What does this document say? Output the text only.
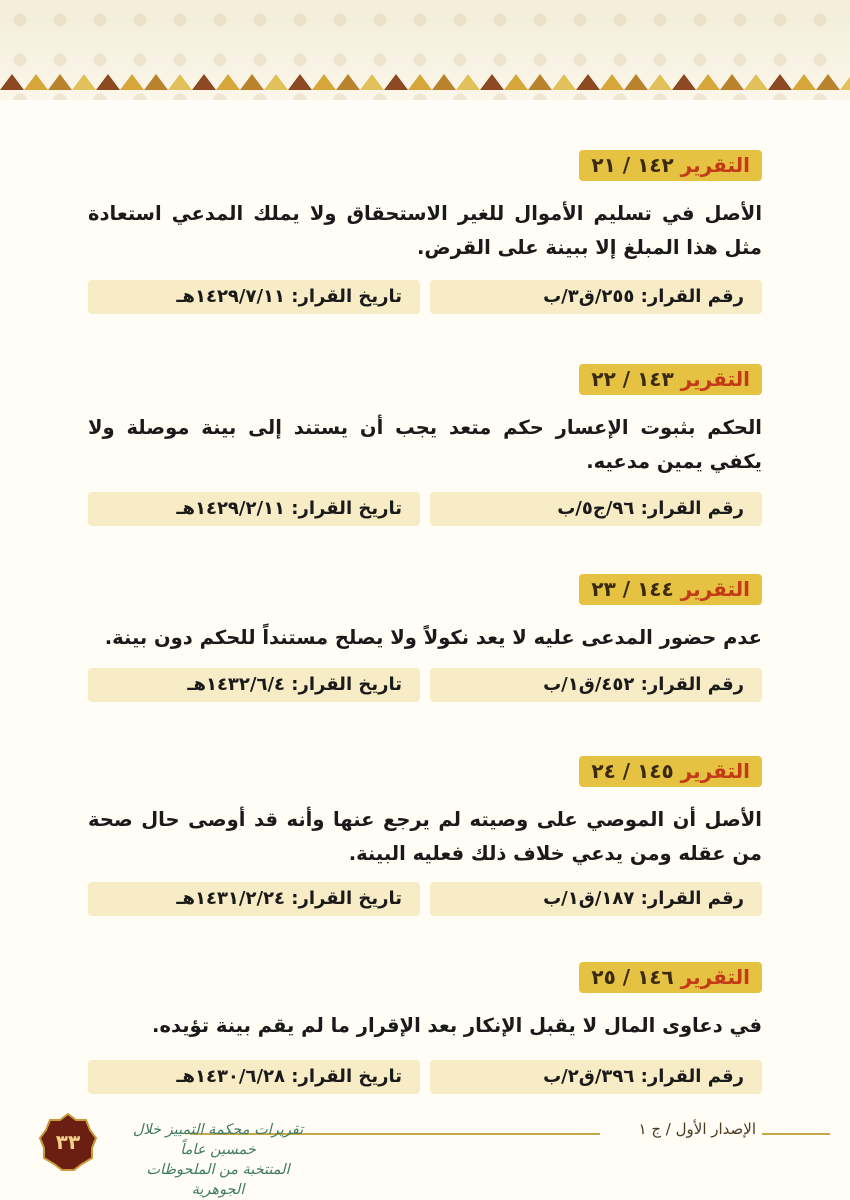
التقرير ١٤٢ / ٢١
الأصل في تسليم الأموال للغير الاستحقاق ولا يملك المدعي استعادة مثل هذا المبلغ إلا ببينة على القرض.
رقم القرار: ٢٥٥/ق٣/ب
تاريخ القرار: ١٤٢٩/٧/١١هـ
التقرير ١٤٣ / ٢٢
الحكم بثبوت الإعسار حكم متعد يجب أن يستند إلى بينة موصلة ولا يكفي يمين مدعيه.
رقم القرار: ٩٦/ج٥/ب
تاريخ القرار: ١٤٢٩/٢/١١هـ
التقرير ١٤٤ / ٢٣
عدم حضور المدعى عليه لا يعد نكولاً ولا يصلح مستنداً للحكم دون بينة.
رقم القرار: ٤٥٢/ق١/ب
تاريخ القرار: ١٤٣٢/٦/٤هـ
التقرير ١٤٥ / ٢٤
الأصل أن الموصي على وصيته لم يرجع عنها وأنه قد أوصى حال صحة من عقله ومن يدعي خلاف ذلك فعليه البينة.
رقم القرار: ١٨٧/ق١/ب
تاريخ القرار: ١٤٣١/٢/٢٤هـ
التقرير ١٤٦ / ٢٥
في دعاوى المال لا يقبل الإنكار بعد الإقرار ما لم يقم بينة تؤيده.
رقم القرار: ٣٩٦/ق٢/ب
تاريخ القرار: ١٤٣٠/٦/٢٨هـ
الإصدار الأول / ج ١
٣٣	تقريرات محكمة التمييز خلال خمسين عاماً
المنتخبة من الملحوظات الجوهرية
